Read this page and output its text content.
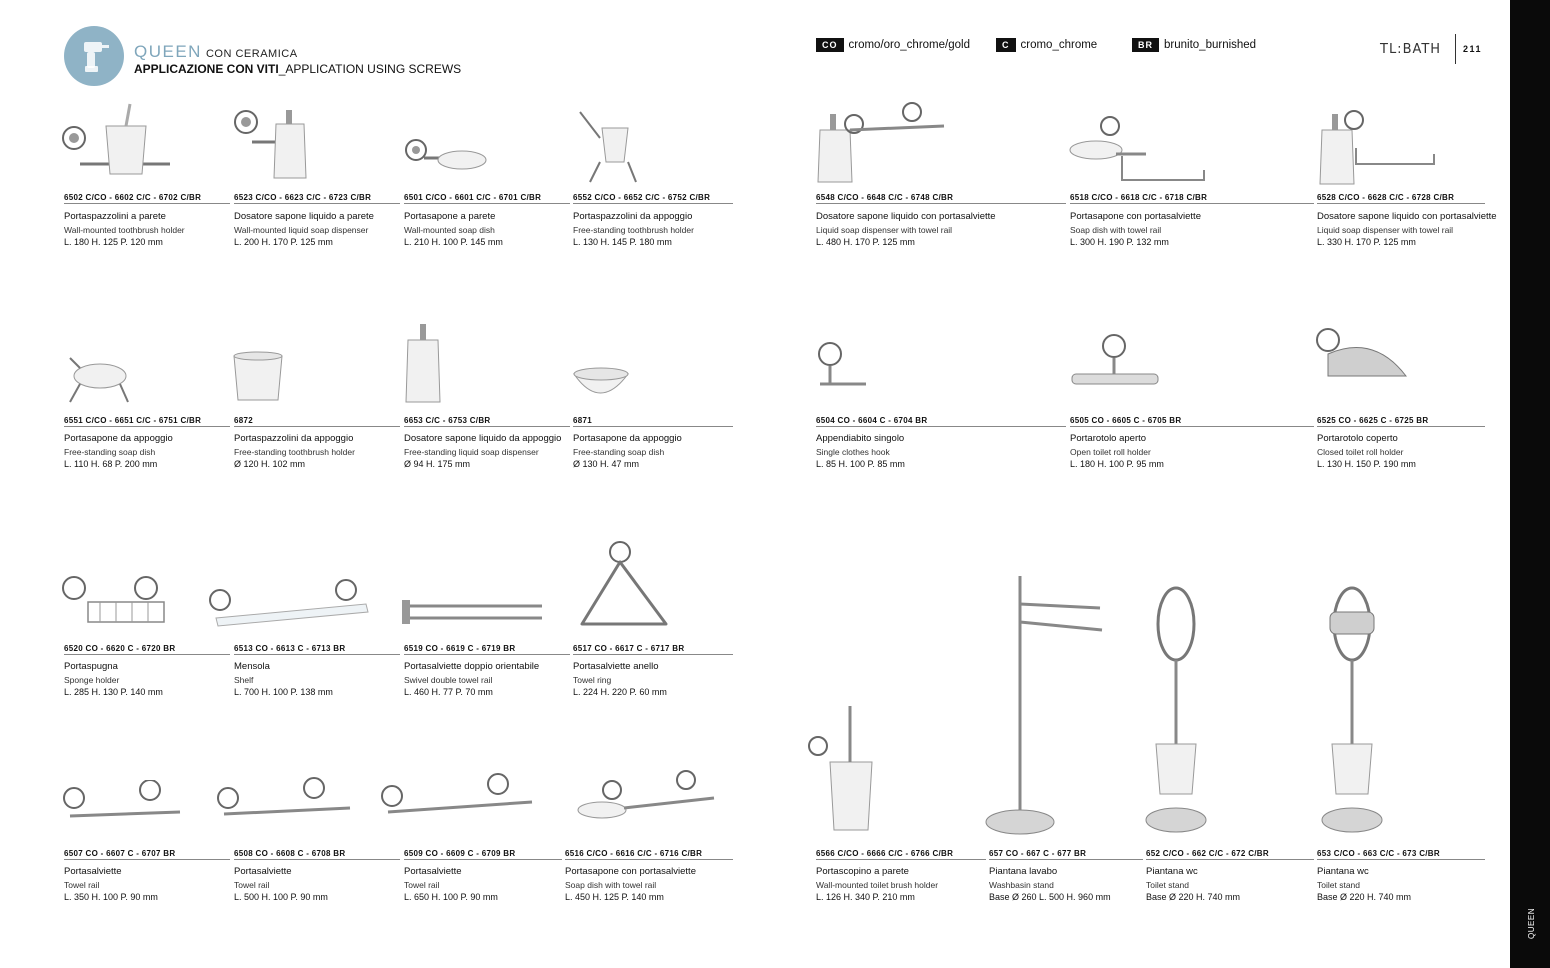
QUEEN CON CERAMICA
APPLICAZIONE CON VITI_APPLICATION USING SCREWS
CO cromo/oro _chrome/gold	C cromo _chrome	BR brunito _burnished	TL:BATH 211
QUEEN
6502 C/CO - 6602 C/C - 6702 C/BR
Portaspazzolini a parete
Wall-mounted toothbrush holder
L. 180 H. 125 P. 120 mm
6523 C/CO - 6623 C/C - 6723 C/BR
Dosatore sapone liquido a parete
Wall-mounted liquid soap dispenser
L. 200 H. 170 P. 125 mm
6501 C/CO - 6601 C/C - 6701 C/BR
Portasapone a parete
Wall-mounted soap dish
L. 210 H. 100 P. 145 mm
6552 C/CO - 6652 C/C - 6752 C/BR
Portaspazzolini da appoggio
Free-standing toothbrush holder
L. 130 H. 145 P. 180 mm
6548 C/CO - 6648 C/C - 6748 C/BR
Dosatore sapone liquido con portasalviette
Liquid soap dispenser with towel rail
L. 480 H. 170 P. 125 mm
6518 C/CO - 6618 C/C - 6718 C/BR
Portasapone con portasalviette
Soap dish with towel rail
L. 300 H. 190 P. 132 mm
6528 C/CO - 6628 C/C - 6728 C/BR
Dosatore sapone liquido con portasalviette
Liquid soap dispenser with towel rail
L. 330 H. 170 P. 125 mm
6551 C/CO - 6651 C/C - 6751 C/BR
Portasapone da appoggio
Free-standing soap dish
L. 110 H. 68 P. 200 mm
6872
Portaspazzolini da appoggio
Free-standing toothbrush holder
Ø 120 H. 102 mm
6653 C/C - 6753 C/BR
Dosatore sapone liquido da appoggio
Free-standing liquid soap dispenser
Ø 94 H. 175 mm
6871
Portasapone da appoggio
Free-standing soap dish
Ø 130 H. 47 mm
6504 CO - 6604 C - 6704 BR
Appendiabito singolo
Single clothes hook
L. 85 H. 100 P. 85 mm
6505 CO - 6605 C - 6705 BR
Portarotolo aperto
Open toilet roll holder
L. 180 H. 100 P. 95 mm
6525 CO - 6625 C - 6725 BR
Portarotolo coperto
Closed toilet roll holder
L. 130 H. 150 P. 190 mm
6520 CO - 6620 C - 6720 BR
Portaspugna
Sponge holder
L. 285 H. 130 P. 140 mm
6513 CO - 6613 C - 6713 BR
Mensola
Shelf
L. 700 H. 100 P. 138 mm
6519 CO - 6619 C - 6719 BR
Portasalviette doppio orientabile
Swivel double towel rail
L. 460 H. 77 P. 70 mm
6517 CO - 6617 C - 6717 BR
Portasalviette anello
Towel ring
L. 224 H. 220 P. 60 mm
6507 CO - 6607 C - 6707 BR
Portasalviette
Towel rail
L. 350 H. 100 P. 90 mm
6508 CO - 6608 C - 6708 BR
Portasalviette
Towel rail
L. 500 H. 100 P. 90 mm
6509 CO - 6609 C - 6709 BR
Portasalviette
Towel rail
L. 650 H. 100 P. 90 mm
6516 C/CO - 6616 C/C - 6716 C/BR
Portasapone con portasalviette
Soap dish with towel rail
L. 450 H. 125 P. 140 mm
6566 C/CO - 6666 C/C - 6766 C/BR
Portascopino a parete
Wall-mounted toilet brush holder
L. 126 H. 340 P. 210 mm
657 CO - 667 C - 677 BR
Piantana lavabo
Washbasin stand
Base Ø 260 L. 500 H. 960 mm
652 C/CO - 662 C/C - 672 C/BR
Piantana wc
Toilet stand
Base Ø 220 H. 740 mm
653 C/CO - 663 C/C - 673 C/BR
Piantana wc
Toilet stand
Base Ø 220 H. 740 mm
